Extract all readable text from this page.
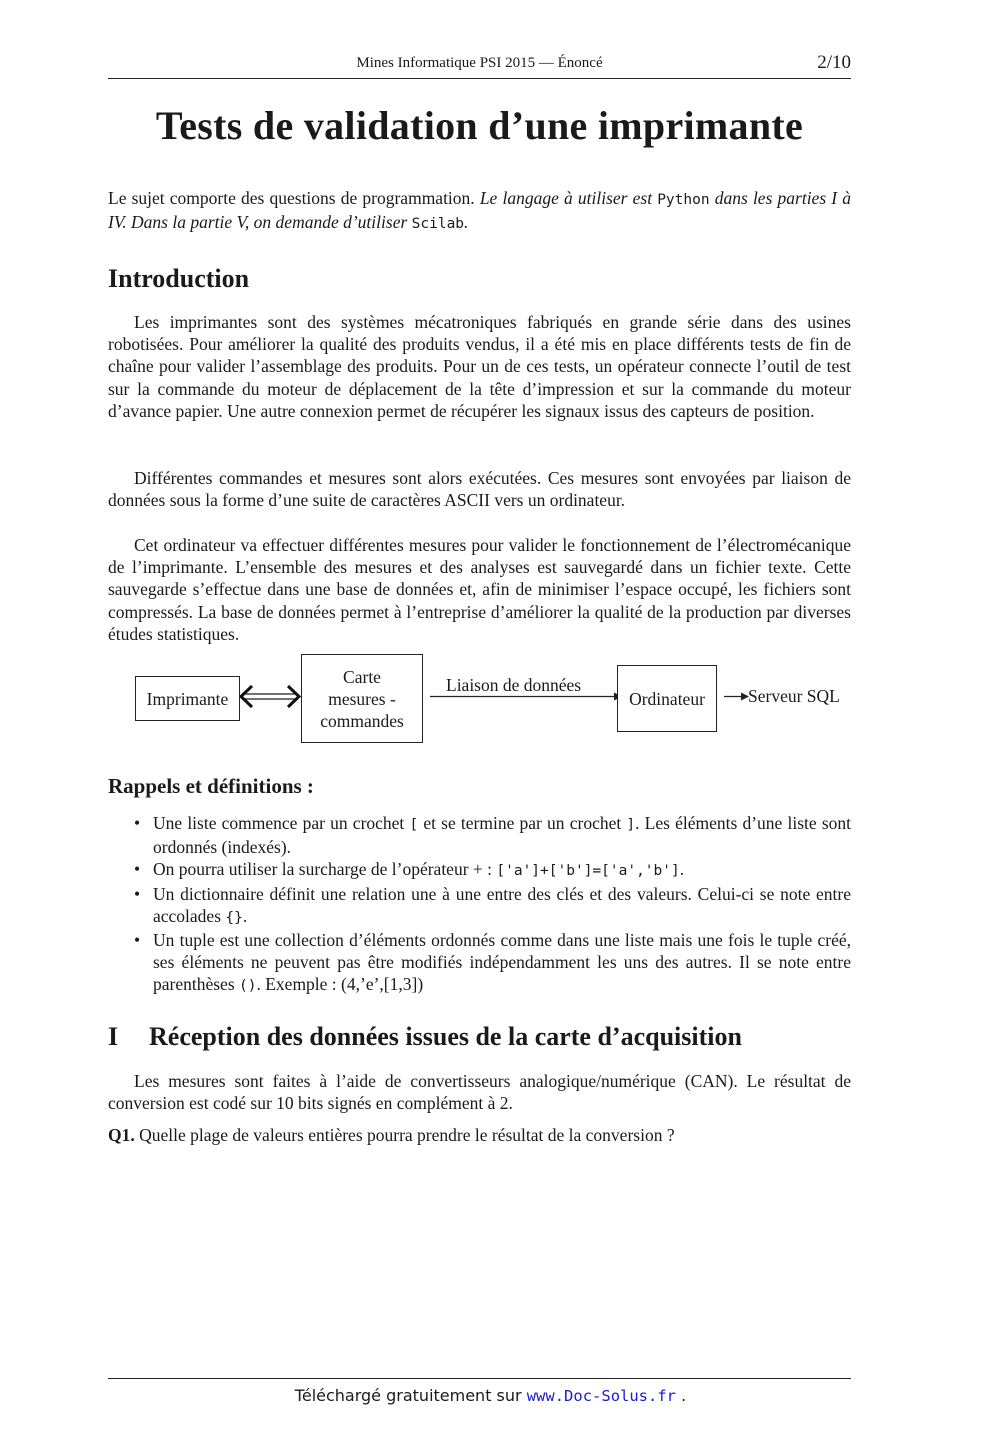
Mines Informatique PSI 2015 — Énoncé	2/10
Tests de validation d’une imprimante

Le sujet comporte des questions de programmation. Le langage à utiliser est Python dans les parties I à IV. Dans la partie V, on demande d’utiliser Scilab.

Introduction

Les imprimantes sont des systèmes mécatroniques fabriqués en grande série dans des usines robotisées. Pour améliorer la qualité des produits vendus, il a été mis en place différents tests de fin de chaîne pour valider l’assemblage des produits. Pour un de ces tests, un opérateur connecte l’outil de test sur la commande du moteur de déplacement de la tête d’impression et sur la commande du moteur d’avance papier. Une autre connexion permet de récupérer les signaux issus des capteurs de position.

Différentes commandes et mesures sont alors exécutées. Ces mesures sont envoyées par liaison de données sous la forme d’une suite de caractères ASCII vers un ordinateur.

Cet ordinateur va effectuer différentes mesures pour valider le fonctionnement de l’électromécanique de l’imprimante. L’ensemble des mesures et des analyses est sauvegardé dans un fichier texte. Cette sauvegarde s’effectue dans une base de données et, afin de minimiser l’espace occupé, les fichiers sont compressés. La base de données permet à l’entreprise d’améliorer la qualité de la production par diverses études statistiques.

Imprimante
Carte
mesures -
commandes
Liaison de données
Ordinateur	Serveur SQL
Rappels et définitions :
• Une liste commence par un crochet [ et se termine par un crochet ]. Les éléments d’une liste sont ordonnés (indexés).
• On pourra utiliser la surcharge de l’opérateur + : ['a']+['b']=['a','b'].
• Un dictionnaire définit une relation une à une entre des clés et des valeurs. Celui-ci se note entre accolades {}.
• Un tuple est une collection d’éléments ordonnés comme dans une liste mais une fois le tuple créé, ses éléments ne peuvent pas être modifiés indépendamment les uns des autres. Il se note entre parenthèses (). Exemple : (4,’e’,[1,3])
I Réception des données issues de la carte d’acquisition

Les mesures sont faites à l’aide de convertisseurs analogique/numérique (CAN). Le résultat de conversion est codé sur 10 bits signés en complément à 2.

Q1. Quelle plage de valeurs entières pourra prendre le résultat de la conversion ?

Téléchargé gratuitement sur www.Doc-Solus.fr .
